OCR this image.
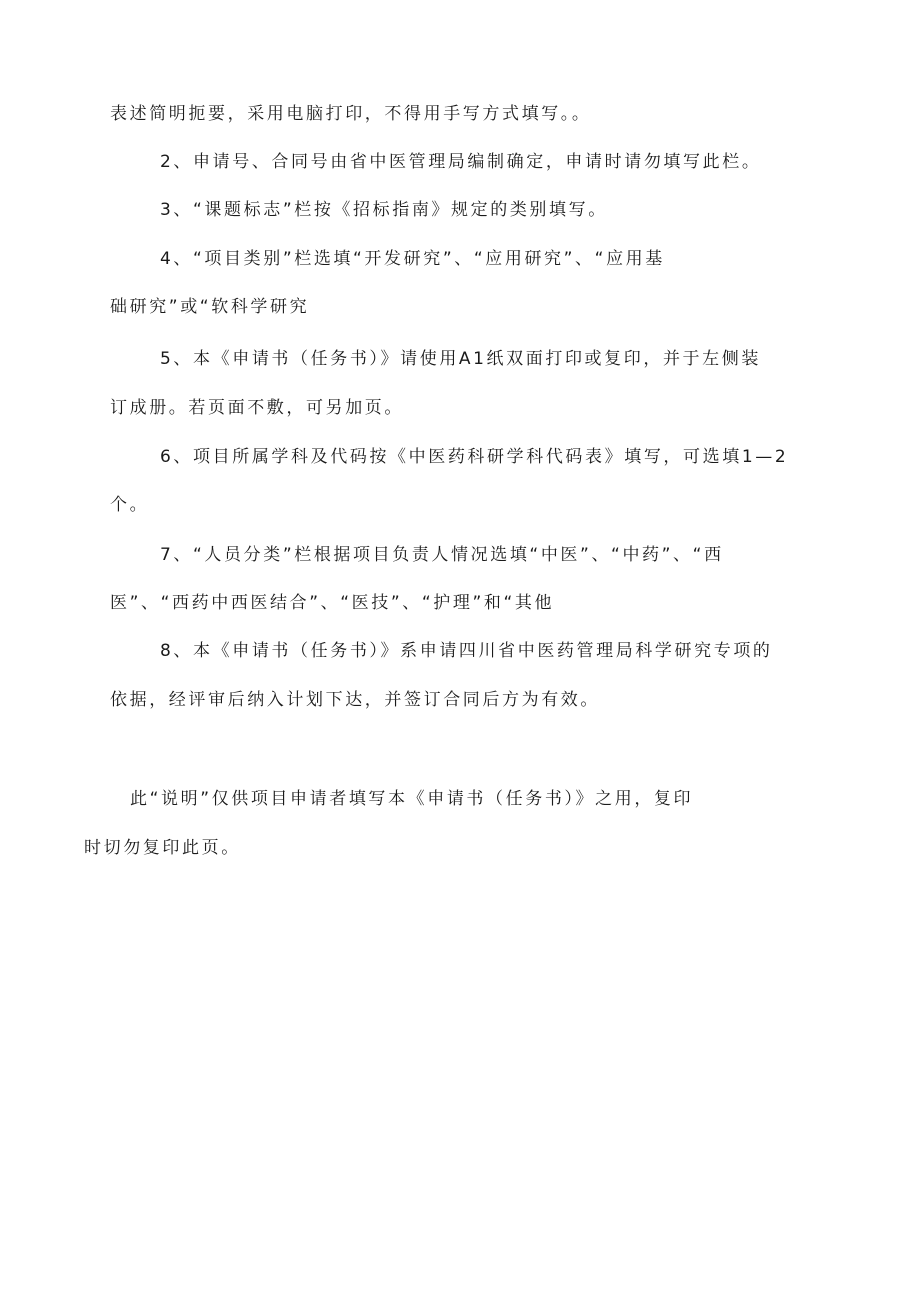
表述简明扼要，采用电脑打印，不得用手写方式填写。。
2、申请号、合同号由省中医管理局编制确定，申请时请勿填写此栏。
3、“课题标志”栏按《招标指南》规定的类别填写。
4、“项目类别”栏选填“开发研究”、“应用研究”、“应用基
础研究”或“软科学研究
5、本《申请书（任务书）》请使用A1纸双面打印或复印，并于左侧装
订成册。若页面不敷，可另加页。
6、项目所属学科及代码按《中医药科研学科代码表》填写，可选填1—2
个。
7、“人员分类”栏根据项目负责人情况选填“中医”、“中药”、“西
医”、“西药中西医结合”、“医技”、“护理”和“其他
8、本《申请书（任务书）》系申请四川省中医药管理局科学研究专项的
依据，经评审后纳入计划下达，并签订合同后方为有效。
此“说明”仅供项目申请者填写本《申请书（任务书）》之用，复印
时切勿复印此页。
